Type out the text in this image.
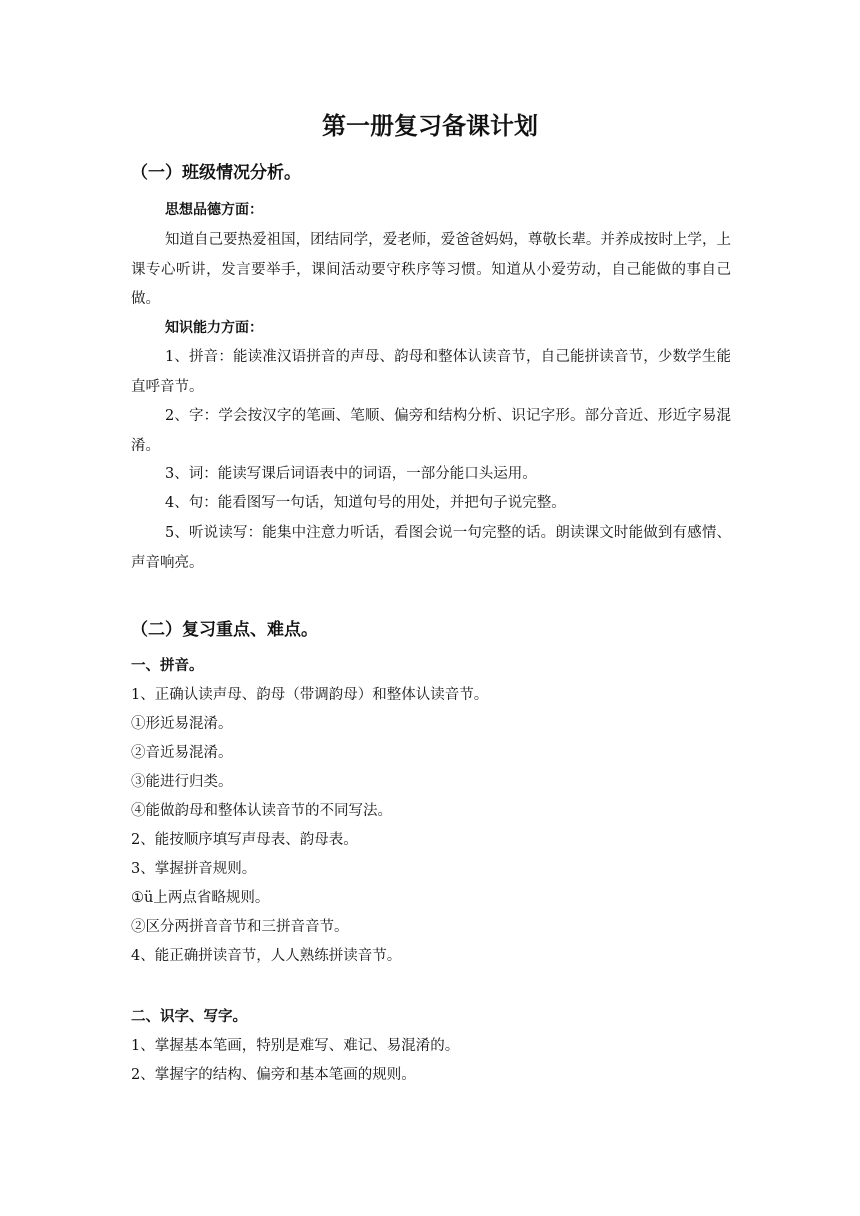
第一册复习备课计划
（一）班级情况分析。

思想品德方面：

知道自己要热爱祖国，团结同学，爱老师，爱爸爸妈妈，尊敬长辈。并养成按时上学，上课专心听讲，发言要举手，课间活动要守秩序等习惯。知道从小爱劳动，自己能做的事自己做。

知识能力方面：

1、拼音：能读准汉语拼音的声母、韵母和整体认读音节，自己能拼读音节，少数学生能直呼音节。

2、字：学会按汉字的笔画、笔顺、偏旁和结构分析、识记字形。部分音近、形近字易混淆。

3、词：能读写课后词语表中的词语，一部分能口头运用。

4、句：能看图写一句话，知道句号的用处，并把句子说完整。

5、听说读写：能集中注意力听话，看图会说一句完整的话。朗读课文时能做到有感情、声音响亮。

（二）复习重点、难点。

一、拼音。

1、正确认读声母、韵母（带调韵母）和整体认读音节。

①形近易混淆。

②音近易混淆。

③能进行归类。

④能做韵母和整体认读音节的不同写法。

2、能按顺序填写声母表、韵母表。

3、掌握拼音规则。

①ü上两点省略规则。

②区分两拼音音节和三拼音音节。

4、能正确拼读音节，人人熟练拼读音节。

二、识字、写字。

1、掌握基本笔画，特别是难写、难记、易混淆的。

2、掌握字的结构、偏旁和基本笔画的规则。
